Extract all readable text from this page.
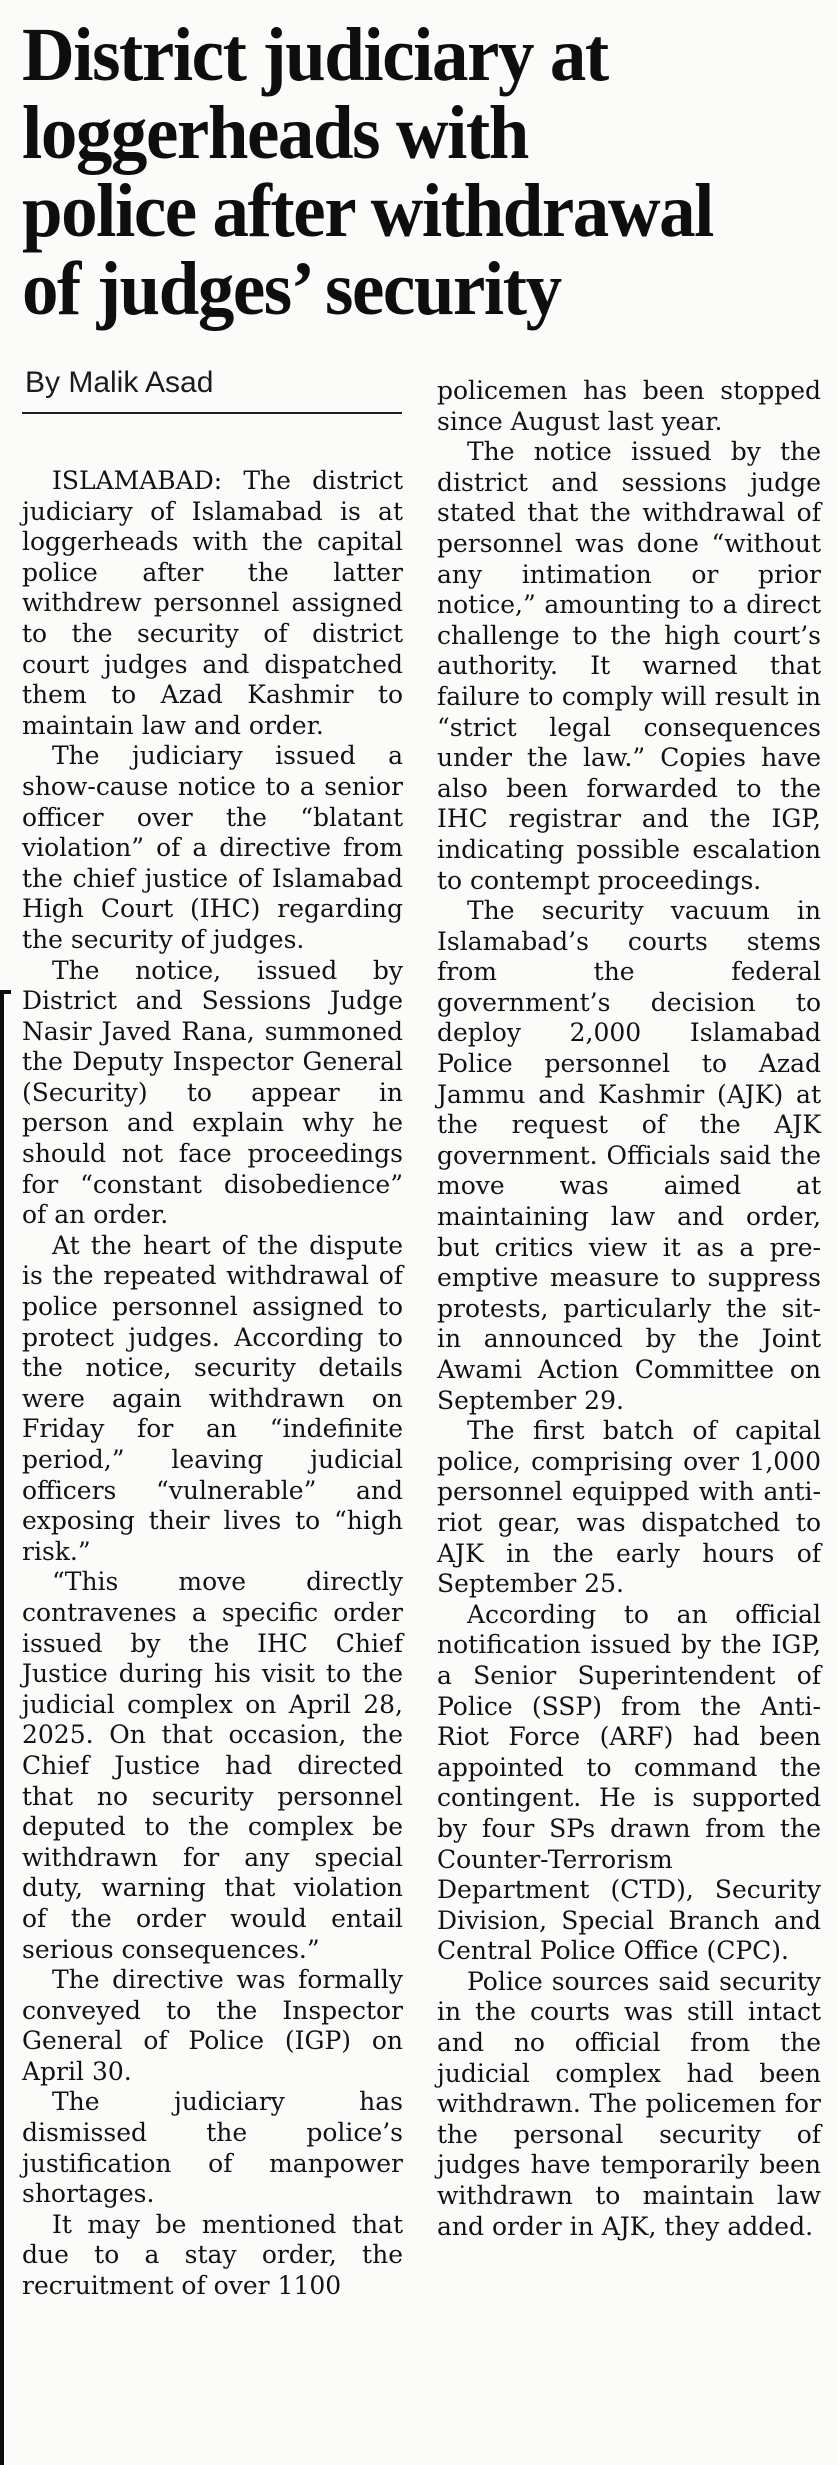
District judiciary at
loggerheads with
police after withdrawal
of judges’ security
By Malik Asad

ISLAMABAD: The district judiciary of Islamabad is at loggerheads with the capital police after the latter withdrew personnel assigned to the security of district court judges and dispatched them to Azad Kashmir to maintain law and order.

The judiciary issued a show-cause notice to a senior officer over the “blatant violation” of a directive from the chief justice of Islamabad High Court (IHC) regarding the security of judges.

The notice, issued by District and Sessions Judge Nasir Javed Rana, summoned the Deputy Inspector General (Security) to appear in person and explain why he should not face proceedings for “constant disobedience” of an order.

At the heart of the dispute is the repeated withdrawal of police personnel assigned to protect judges. According to the notice, security details were again withdrawn on Friday for an “indefinite period,” leaving judicial officers “vulnerable” and exposing their lives to “high risk.”

“This move directly contravenes a specific order issued by the IHC Chief Justice during his visit to the judicial complex on April 28, 2025. On that occasion, the Chief Justice had directed that no security personnel deputed to the complex be withdrawn for any special duty, warning that violation of the order would entail serious consequences.”

The directive was formally conveyed to the Inspector General of Police (IGP) on April 30.

The judiciary has dismissed the police’s justification of manpower shortages.

It may be mentioned that due to a stay order, the recruitment of over 1100

policemen has been stopped since August last year.

The notice issued by the district and sessions judge stated that the withdrawal of personnel was done “without any intimation or prior notice,” amounting to a direct challenge to the high court’s authority. It warned that failure to comply will result in “strict legal consequences under the law.” Copies have also been forwarded to the IHC registrar and the IGP, indicating possible escalation to contempt proceedings.

The security vacuum in Islamabad’s courts stems from the federal government’s decision to deploy 2,000 Islamabad Police personnel to Azad Jammu and Kashmir (AJK) at the request of the AJK government. Officials said the move was aimed at maintaining law and order, but critics view it as a pre-emptive measure to suppress protests, particularly the sit-in announced by the Joint Awami Action Committee on September 29.

The first batch of capital police, comprising over 1,000 personnel equipped with anti-riot gear, was dispatched to AJK in the early hours of September 25.

According to an official notification issued by the IGP, a Senior Superintendent of Police (SSP) from the Anti-Riot Force (ARF) had been appointed to command the contingent. He is supported by four SPs drawn from the Counter-Terrorism Department (CTD), Security Division, Special Branch and Central Police Office (CPC).

Police sources said security in the courts was still intact and no official from the judicial complex had been withdrawn. The policemen for the personal security of judges have temporarily been withdrawn to maintain law and order in AJK, they added.
